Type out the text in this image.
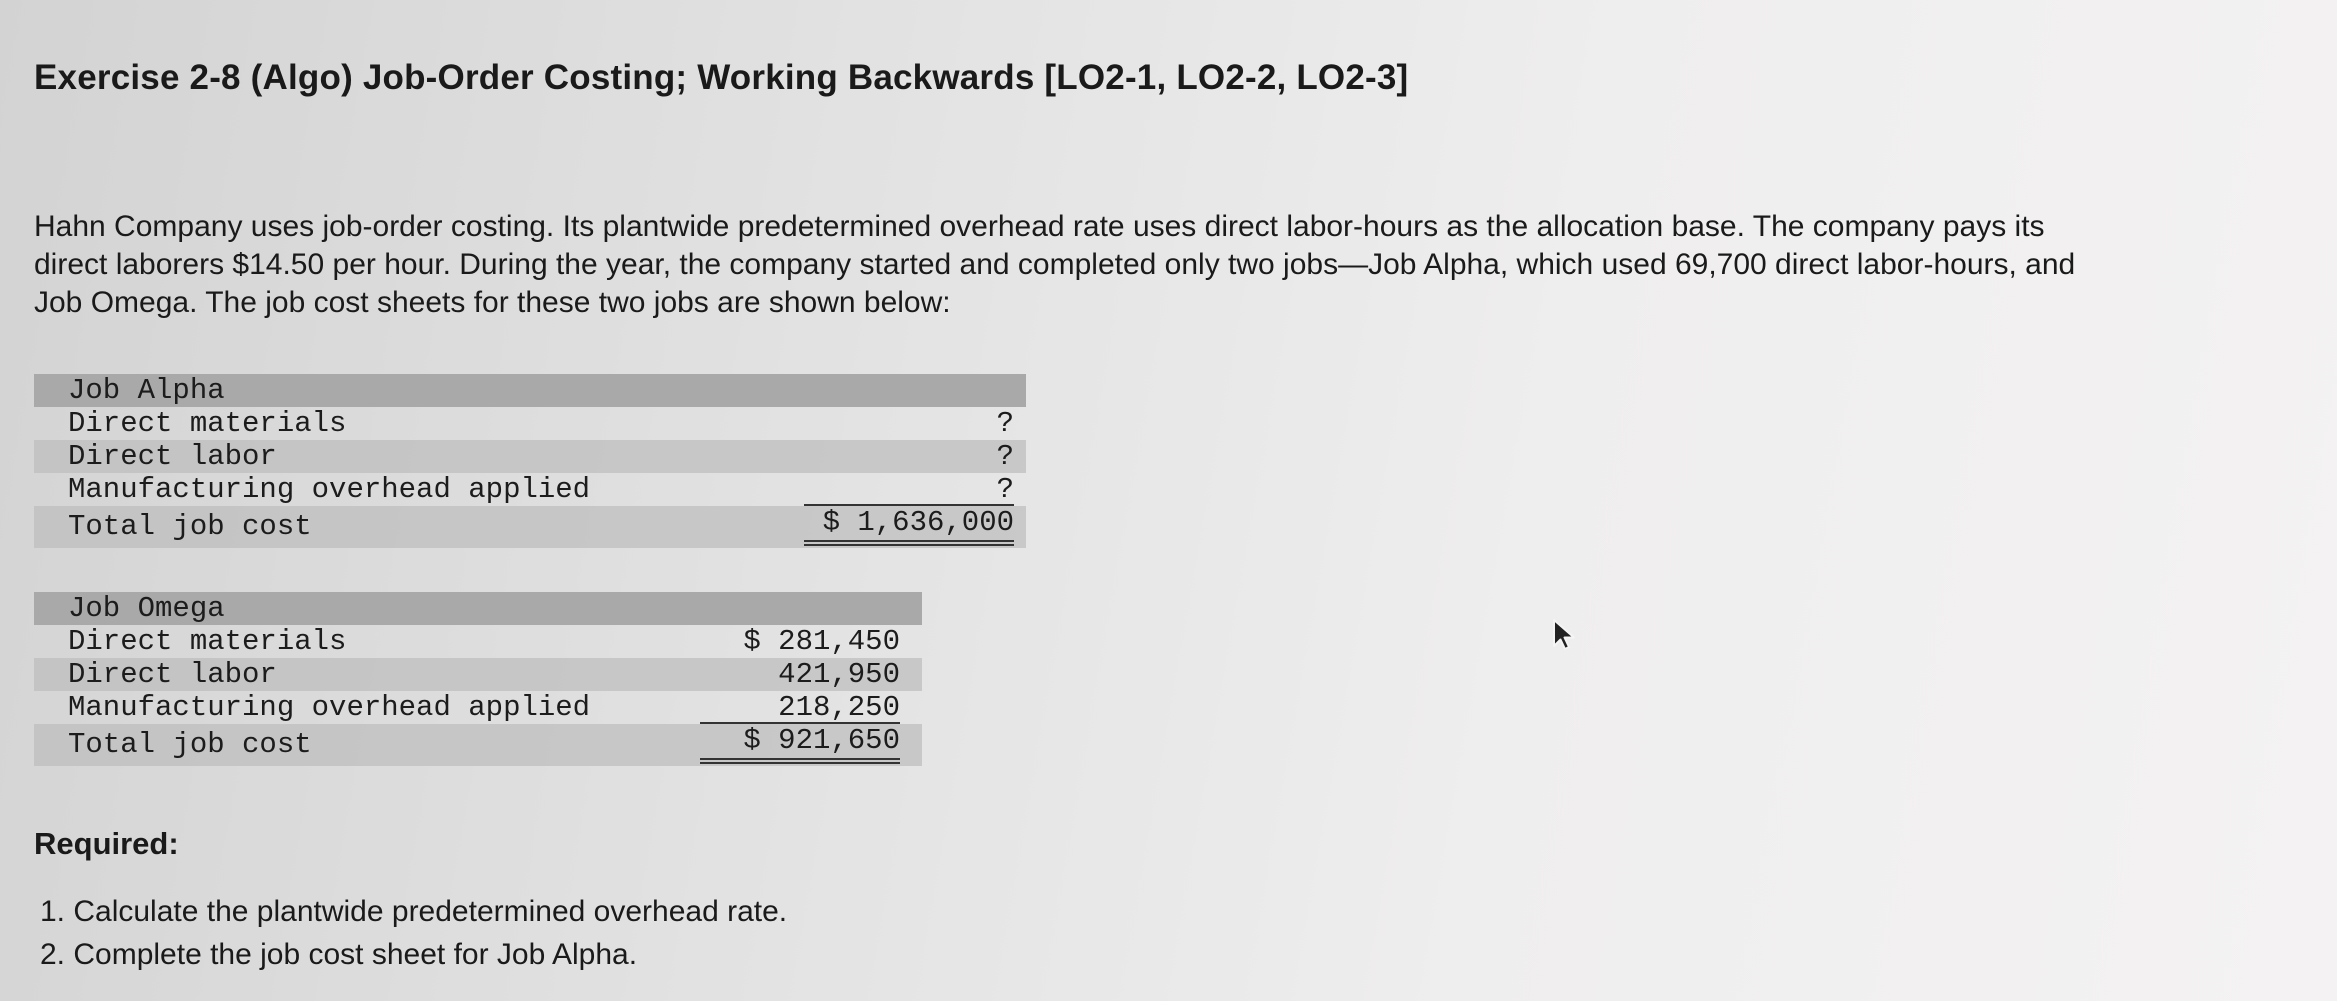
Exercise 2-8 (Algo) Job-Order Costing; Working Backwards [LO2-1, LO2-2, LO2-3]

Hahn Company uses job-order costing. Its plantwide predetermined overhead rate uses direct labor-hours as the allocation base. The company pays its direct laborers $14.50 per hour. During the year, the company started and completed only two jobs—Job Alpha, which used 69,700 direct labor-hours, and Job Omega. The job cost sheets for these two jobs are shown below:

Job Alpha
Direct materials	?
Direct labor	?
Manufacturing overhead applied	?
Total job cost	$ 1,636,000
Job Omega
Direct materials	$ 281,450
Direct labor	421,950
Manufacturing overhead applied	218,250
Total job cost	$ 921,650
Required:
1. Calculate the plantwide predetermined overhead rate.
2. Complete the job cost sheet for Job Alpha.
